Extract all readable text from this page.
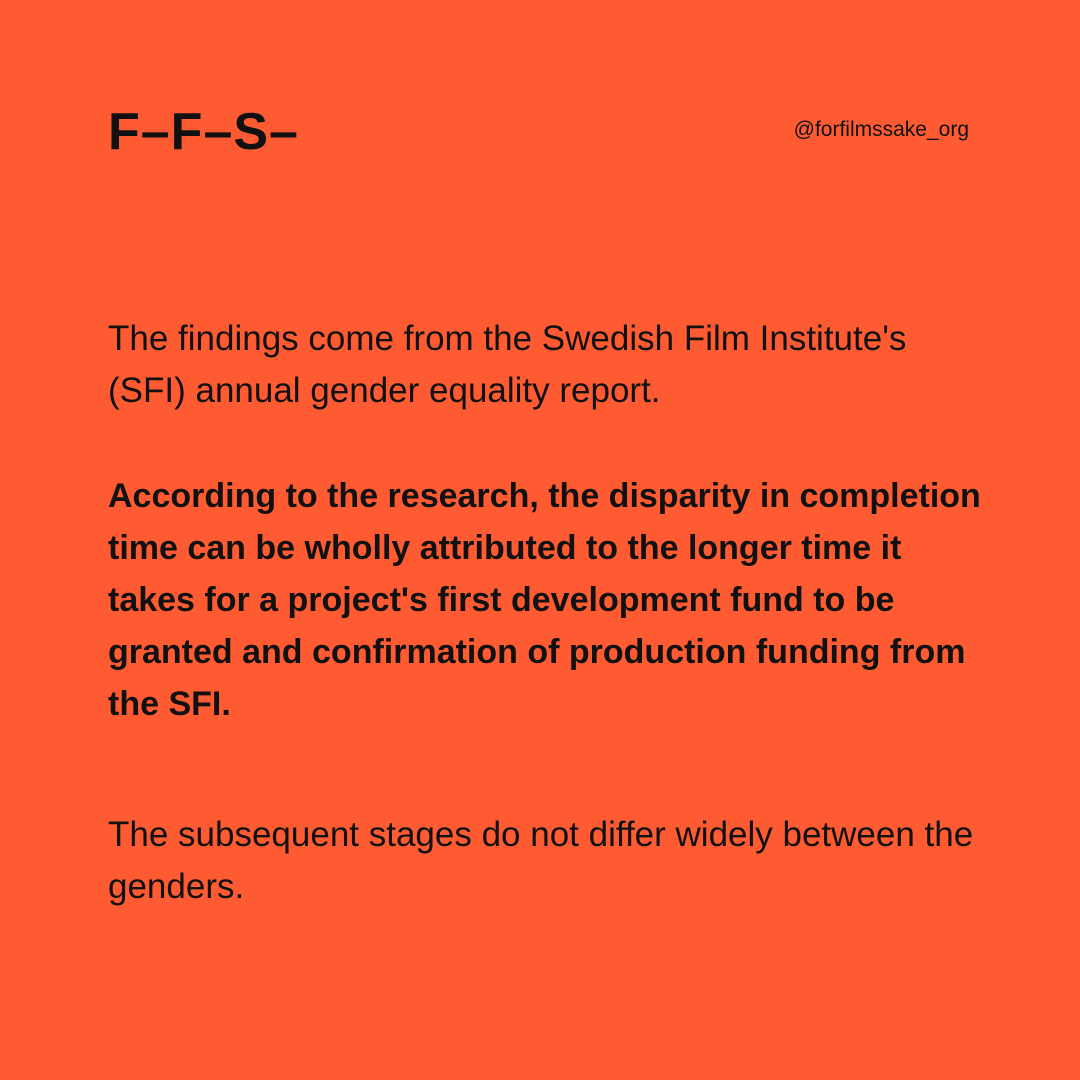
F–F–S–	@forfilmssake_org

The findings come from the Swedish Film Institute's (SFI) annual gender equality report.

According to the research, the disparity in completion time can be wholly attributed to the longer time it takes for a project's first development fund to be granted and confirmation of production funding from the SFI.

The subsequent stages do not differ widely between the genders.
